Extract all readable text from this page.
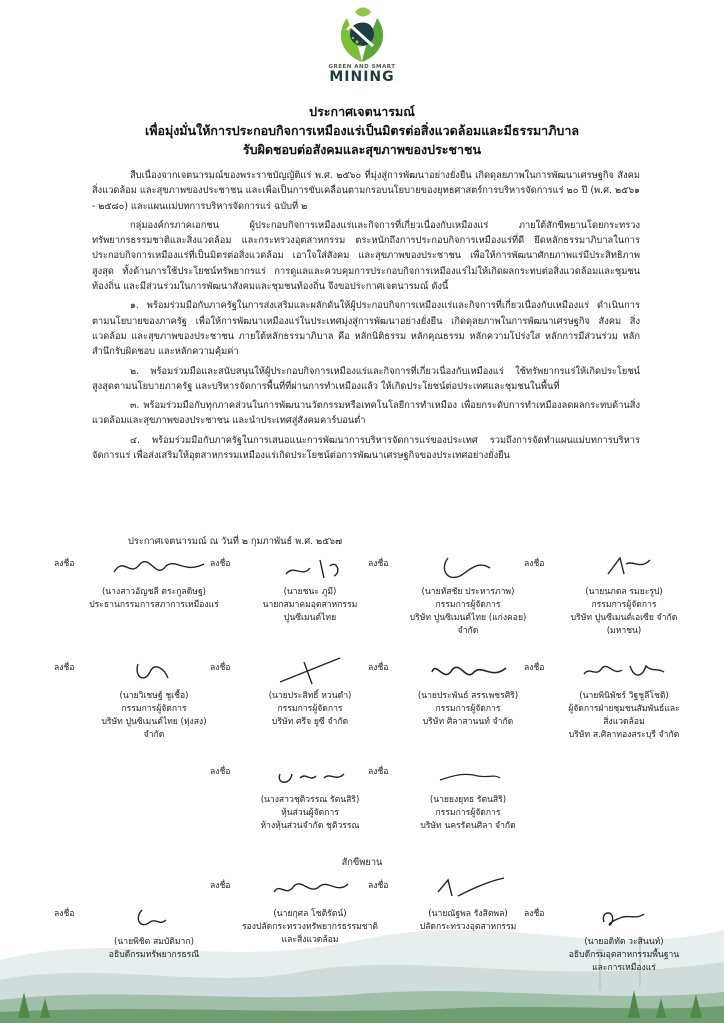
GREEN AND SMART
MINING
ประกาศเจตนารมณ์
เพื่อมุ่งมั่นให้การประกอบกิจการเหมืองแร่เป็นมิตรต่อสิ่งแวดล้อมและมีธรรมาภิบาล
รับผิดชอบต่อสังคมและสุขภาพของประชาชน

สืบเนื่องจากเจตนารมณ์ของพระราชบัญญัติแร่ พ.ศ. ๒๕๖๐ ที่มุ่งสู่การพัฒนาอย่างยั่งยืน เกิดดุลยภาพในการพัฒนาเศรษฐกิจ สังคม สิ่งแวดล้อม และสุขภาพของประชาชน และเพื่อเป็นการขับเคลื่อนตามกรอบนโยบายของยุทธศาสตร์การบริหารจัดการแร่ ๒๐ ปี (พ.ศ. ๒๕๖๑ - ๒๕๘๐) และแผนแม่บทการบริหารจัดการแร่ ฉบับที่ ๒

กลุ่มองค์กรภาคเอกชน ผู้ประกอบกิจการเหมืองแร่และกิจการที่เกี่ยวเนื่องกับเหมืองแร่ ภายใต้สักขีพยานโดยกระทรวงทรัพยากรธรรมชาติและสิ่งแวดล้อม และกระทรวงอุตสาหกรรม ตระหนักถึงการประกอบกิจการเหมืองแร่ที่ดี ยึดหลักธรรมาภิบาลในการประกอบกิจการเหมืองแร่ที่เป็นมิตรต่อสิ่งแวดล้อม เอาใจใส่สังคม และสุขภาพของประชาชน เพื่อให้การพัฒนาศักยภาพแร่มีประสิทธิภาพสูงสุด ทั้งด้านการใช้ประโยชน์ทรัพยากรแร่ การดูแลและควบคุมการประกอบกิจการเหมืองแร่ไม่ให้เกิดผลกระทบต่อสิ่งแวดล้อมและชุมชนท้องถิ่น และมีส่วนร่วมในการพัฒนาสังคมและชุมชนท้องถิ่น จึงขอประกาศเจตนารมณ์ ดังนี้

๑. พร้อมร่วมมือกับภาครัฐในการส่งเสริมและผลักดันให้ผู้ประกอบกิจการเหมืองแร่และกิจการที่เกี่ยวเนื่องกับเหมืองแร่ ดำเนินการตามนโยบายของภาครัฐ เพื่อให้การพัฒนาเหมืองแร่ในประเทศมุ่งสู่การพัฒนาอย่างยั่งยืน เกิดดุลยภาพในการพัฒนาเศรษฐกิจ สังคม สิ่งแวดล้อม และสุขภาพของประชาชน ภายใต้หลักธรรมาภิบาล คือ หลักนิติธรรม หลักคุณธรรม หลักความโปร่งใส หลักการมีส่วนร่วม หลักสำนึกรับผิดชอบ และหลักความคุ้มค่า

๒. พร้อมร่วมมือและสนับสนุนให้ผู้ประกอบกิจการเหมืองแร่และกิจการที่เกี่ยวเนื่องกับเหมืองแร่ ใช้ทรัพยากรแร่ให้เกิดประโยชน์สูงสุดตามนโยบายภาครัฐ และบริหารจัดการพื้นที่ที่ผ่านการทำเหมืองแล้ว ให้เกิดประโยชน์ต่อประเทศและชุมชนในพื้นที่

๓. พร้อมร่วมมือกับทุกภาคส่วนในการพัฒนานวัตกรรมหรือเทคโนโลยีการทำเหมือง เพื่อยกระดับการทำเหมืองลดผลกระทบด้านสิ่งแวดล้อมและสุขภาพของประชาชน และนำประเทศสู่สังคมคาร์บอนต่ำ

๔. พร้อมร่วมมือกับภาครัฐในการเสนอแนะการพัฒนาการบริหารจัดการแร่ของประเทศ รวมถึงการจัดทำแผนแม่บทการบริหารจัดการแร่ เพื่อส่งเสริมให้อุตสาหกรรมเหมืองแร่เกิดประโยชน์ต่อการพัฒนาเศรษฐกิจของประเทศอย่างยั่งยืน

ประกาศเจตนารมณ์ ณ วันที่ ๒ กุมภาพันธ์ พ.ศ. ๒๕๖๗
ลงชื่อ
(นางสาวอัญชลี ตระกูลดิษฐ)
ประธานกรรมการสภาการเหมืองแร่
ลงชื่อ
(นายชนะ ภูมี)
นายกสมาคมอุตสาหกรรม
ปูนซีเมนต์ไทย
ลงชื่อ
(นายหัสชัย ประหารภาพ)
กรรมการผู้จัดการ
บริษัท ปูนซิเมนต์ไทย (แก่งคอย)
จำกัด
ลงชื่อ
(นายนภดล รมยะรูป)
กรรมการผู้จัดการ
บริษัท ปูนซีเมนต์เอเซีย จำกัด
(มหาชน)
ลงชื่อ
(นายวิเชษฐ์ ชูเชื้อ)
กรรมการผู้จัดการ
บริษัท ปูนซิเมนต์ไทย (ทุ่งสง)
จำกัด
ลงชื่อ
(นายประสิทธิ์ หวนดำ)
กรรมการผู้จัดการ
บริษัท ศรีจ ยูซี จำกัด
ลงชื่อ
(นายประพันธ์ สรรเพชรศิริ)
กรรมการผู้จัดการ
บริษัท ศิลาสานนท์ จำกัด
ลงชื่อ
(นายพินิพัชร์ วิฐชูลีโชติ)
ผู้จัดการฝ่ายชุมชนสัมพันธ์และ
สิ่งแวดล้อม
บริษัท ส.ศิลาทองสระบุรี จำกัด
ลงชื่อ
(นางสาวชุติวรรณ รัตนสิริ)
หุ้นส่วนผู้จัดการ
ห้างหุ้นส่วนจำกัด ชุติวรรณ
ลงชื่อ
(นายยงยุทธ รัตนสิริ)
กรรมการผู้จัดการ
บริษัท นครรัตนศิลา จำกัด
สักขีพยาน
ลงชื่อ
(นายกุศล โชติรัตน์)
รองปลัดกระทรวงทรัพยากรธรรมชาติ
และสิ่งแวดล้อม
ลงชื่อ
(นายณัฐพล รังสิตพล)
ปลัดกระทรวงอุตสาหกรรม
ลงชื่อ
(นายพิชิต สมบัติมาก)
อธิบดีกรมทรัพยากรธรณี
ลงชื่อ
(นายอดิทัต วะสินนท์)
อธิบดีกรมอุตสาหกรรมพื้นฐาน
และการเหมืองแร่
